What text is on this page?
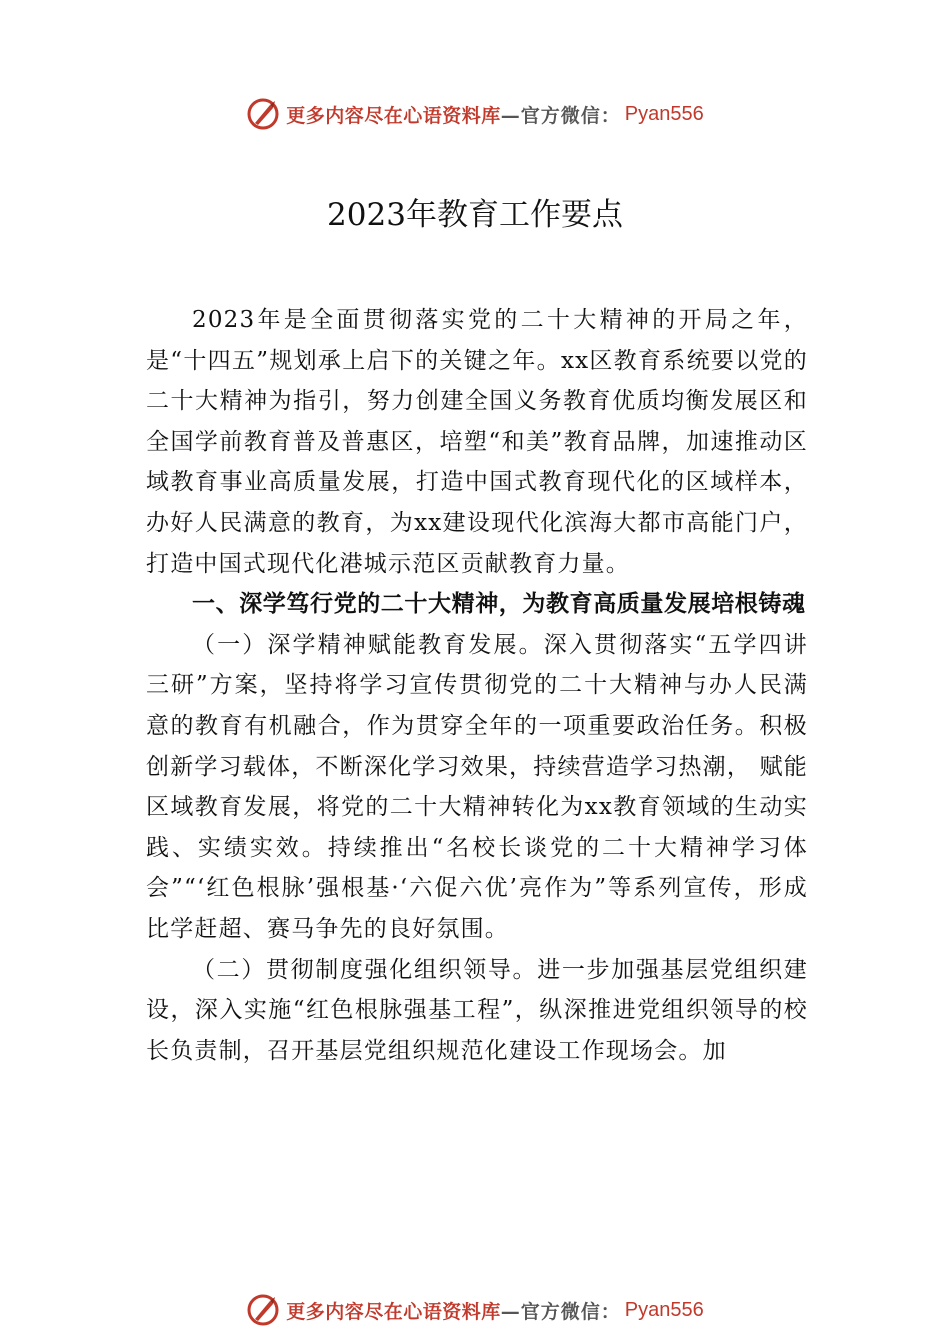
更多内容尽在心语资料库 —官方微信： Pyan556
2023年教育工作要点

2023年是全面贯彻落实党的二十大精神的开局之年，是“十四五”规划承上启下的关键之年。xx区教育系统要以党的二十大精神为指引，努力创建全国义务教育优质均衡发展区和全国学前教育普及普惠区，培塑“和美”教育品牌，加速推动区域教育事业高质量发展，打造中国式教育现代化的区域样本，办好人民满意的教育，为xx建设现代化滨海大都市高能门户，打造中国式现代化港城示范区贡献教育力量。

一、深学笃行党的二十大精神，为教育高质量发展培根铸魂

（一）深学精神赋能教育发展。深入贯彻落实“五学四讲三研”方案，坚持将学习宣传贯彻党的二十大精神与办人民满意的教育有机融合，作为贯穿全年的一项重要政治任务。积极创新学习载体，不断深化学习效果，持续营造学习热潮， 赋能区域教育发展，将党的二十大精神转化为xx教育领域的生动实践、实绩实效。持续推出“名校长谈党的二十大精神学习体会”“‘红色根脉’强根基·‘六促六优’亮作为”等系列宣传，形成比学赶超、赛马争先的良好氛围。

（二）贯彻制度强化组织领导。进一步加强基层党组织建设，深入实施“红色根脉强基工程”，纵深推进党组织领导的校长负责制，召开基层党组织规范化建设工作现场会。加

更多内容尽在心语资料库 —官方微信： Pyan556
